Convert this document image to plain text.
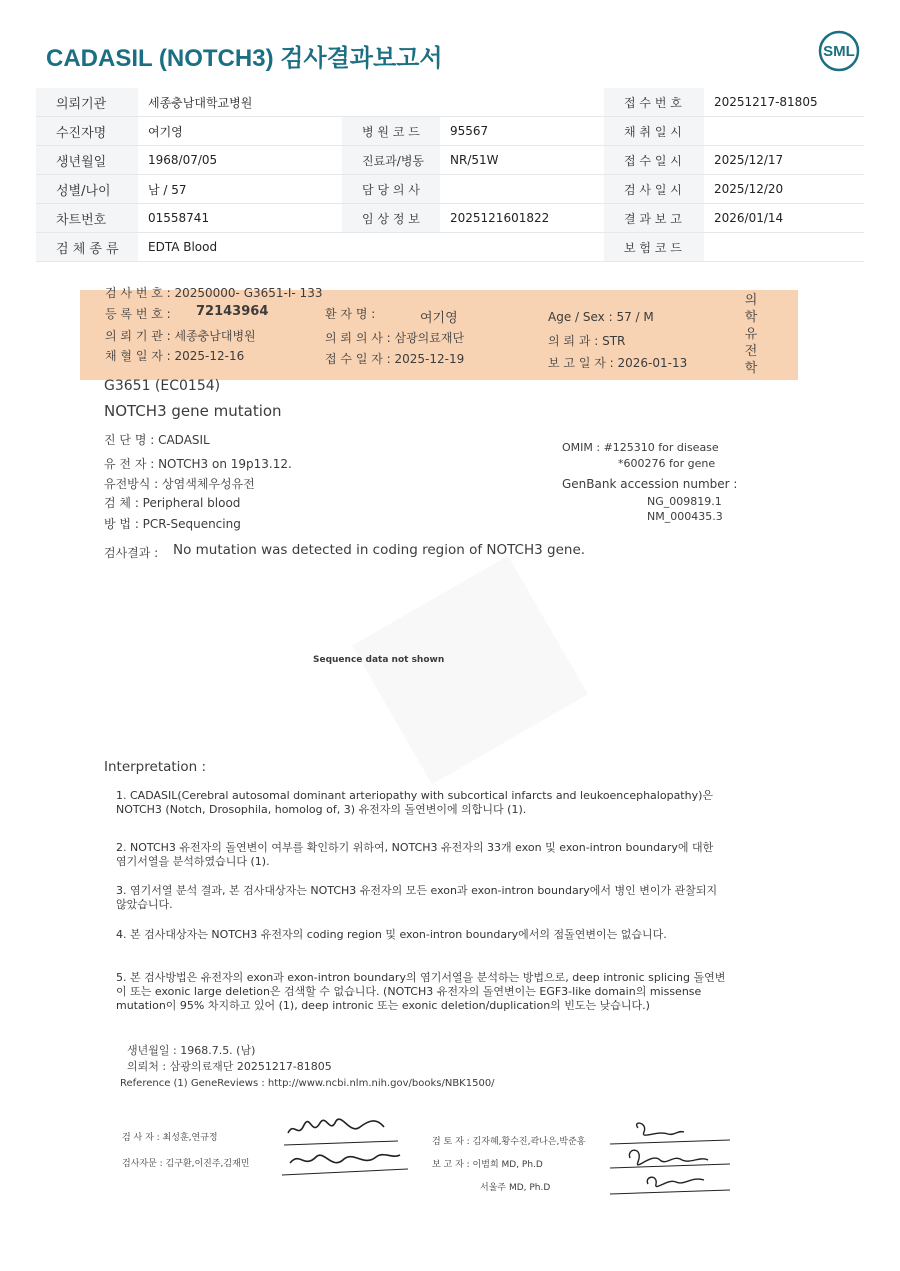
CADASIL (NOTCH3) 검사결과보고서	SML
의뢰기관	세종충남대학교병원			접 수 번 호	20251217-81805
수진자명	여기영	병 원 코 드	95567	채 취 일 시	
생년월일	1968/07/05	진료과/병동	NR/51W	접 수 일 시	2025/12/17
성별/나이	남 / 57	담 당 의 사		검 사 일 시	2025/12/20
차트번호	01558741	임 상 정 보	2025121601822	결 과 보 고	2026/01/14
검 체 종 류	EDTA Blood			보 험 코 드	
검 사 번 호 : 20250000- G3651-I- 133
등 록 번 호 : 72143964	환 자 명 :	여기영	Age / Sex : 57 / M
의 뢰 기 관 : 세종충남대병원	의 뢰 의 사 : 삼광의료재단	의 뢰 과 : STR
채 혈 일 자 : 2025-12-16	접 수 일 자 : 2025-12-19	보 고 일 자 : 2026-01-13
의학유전학
G3651 (EC0154)
NOTCH3 gene mutation
진 단 명 : CADASIL
유 전 자 : NOTCH3 on 19p13.12.
유전방식 : 상염색체우성유전
검 체 : Peripheral blood
방 법 : PCR-Sequencing
OMIM : #125310 for disease
*600276 for gene
GenBank accession number :
NG_009819.1
NM_000435.3
검사결과 : No mutation was detected in coding region of NOTCH3 gene.
Sequence data not shown
Interpretation :
1. CADASIL(Cerebral autosomal dominant arteriopathy with subcortical infarcts and leukoencephalopathy)은 NOTCH3 (Notch, Drosophila, homolog of, 3) 유전자의 돌연변이에 의합니다 (1).
2. NOTCH3 유전자의 돌연변이 여부를 확인하기 위하여, NOTCH3 유전자의 33개 exon 및 exon-intron boundary에 대한 염기서열을 분석하였습니다 (1).
3. 염기서열 분석 결과, 본 검사대상자는 NOTCH3 유전자의 모든 exon과 exon-intron boundary에서 병인 변이가 관찰되지 않았습니다.
4. 본 검사대상자는 NOTCH3 유전자의 coding region 및 exon-intron boundary에서의 점돌연변이는 없습니다.
5. 본 검사방법은 유전자의 exon과 exon-intron boundary의 염기서열을 분석하는 방법으로, deep intronic splicing 돌연변이 또는 exonic large deletion은 검색할 수 없습니다. (NOTCH3 유전자의 돌연변이는 EGF3-like domain의 missense mutation이 95% 차지하고 있어 (1), deep intronic 또는 exonic deletion/duplication의 빈도는 낮습니다.)
생년월일 : 1968.7.5. (남)
의뢰처 : 삼광의료재단 20251217-81805
Reference (1) GeneReviews : http://www.ncbi.nlm.nih.gov/books/NBK1500/
검 사 자 : 최성훈,연규정
검사자문 : 김구환,이진주,김재민
검 토 자 : 김자혜,황수진,곽나은,박준홍
보 고 자 : 이범희 MD, Ph.D
서울주 MD, Ph.D
